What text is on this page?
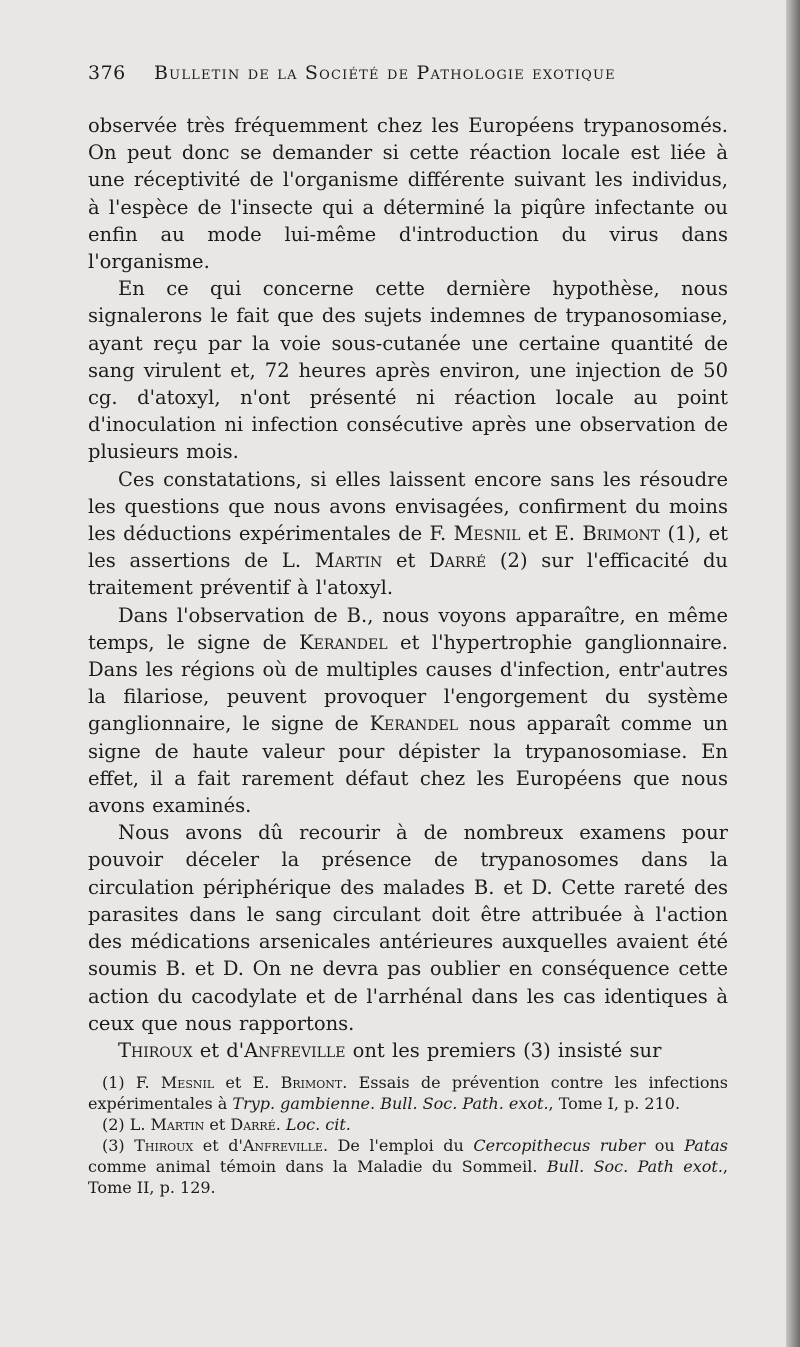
376 Bulletin de la Société de Pathologie exotique

observée très fréquemment chez les Européens trypanosomés. On peut donc se demander si cette réaction locale est liée à une réceptivité de l'organisme différente suivant les individus, à l'espèce de l'insecte qui a déterminé la piqûre infectante ou enfin au mode lui-même d'introduction du virus dans l'organisme.

En ce qui concerne cette dernière hypothèse, nous signalerons le fait que des sujets indemnes de trypanosomiase, ayant reçu par la voie sous-cutanée une certaine quantité de sang virulent et, 72 heures après environ, une injection de 50 cg. d'atoxyl, n'ont présenté ni réaction locale au point d'inoculation ni infection consécutive après une observation de plusieurs mois.

Ces constatations, si elles laissent encore sans les résoudre les questions que nous avons envisagées, confirment du moins les déductions expérimentales de F. Mesnil et E. Brimont (1), et les assertions de L. Martin et Darré (2) sur l'efficacité du traitement préventif à l'atoxyl.

Dans l'observation de B., nous voyons apparaître, en même temps, le signe de Kerandel et l'hypertrophie ganglionnaire. Dans les régions où de multiples causes d'infection, entr'autres la filariose, peuvent provoquer l'engorgement du système ganglionnaire, le signe de Kerandel nous apparaît comme un signe de haute valeur pour dépister la trypanosomiase. En effet, il a fait rarement défaut chez les Européens que nous avons examinés.

Nous avons dû recourir à de nombreux examens pour pouvoir déceler la présence de trypanosomes dans la circulation périphérique des malades B. et D. Cette rareté des parasites dans le sang circulant doit être attribuée à l'action des médications arsenicales antérieures auxquelles avaient été soumis B. et D. On ne devra pas oublier en conséquence cette action du cacodylate et de l'arrhénal dans les cas identiques à ceux que nous rapportons.

Thiroux et d'Anfreville ont les premiers (3) insisté sur

(1) F. Mesnil et E. Brimont. Essais de prévention contre les infections expérimentales à Tryp. gambienne. Bull. Soc. Path. exot., Tome I, p. 210.

(2) L. Martin et Darré. Loc. cit.

(3) Thiroux et d'Anfreville. De l'emploi du Cercopithecus ruber ou Patas comme animal témoin dans la Maladie du Sommeil. Bull. Soc. Path exot., Tome II, p. 129.
